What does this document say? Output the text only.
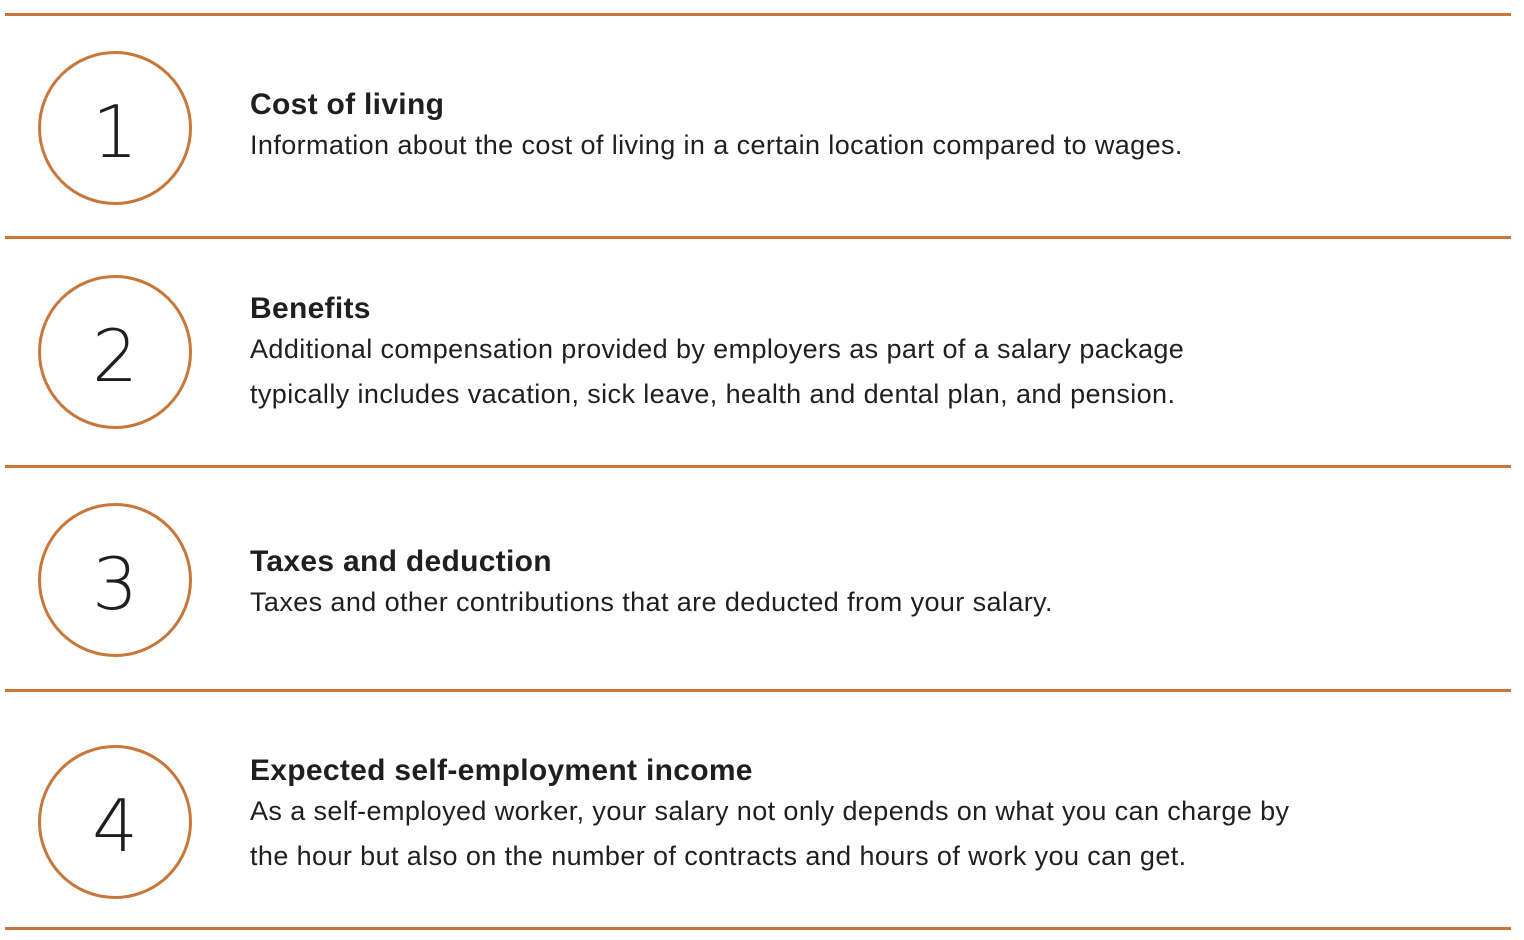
1	Cost of living
Information about the cost of living in a certain location compared to wages.
2
Benefits
Additional compensation provided by employers as part of a salary package
typically includes vacation, sick leave, health and dental plan, and pension.
3	Taxes and deduction
Taxes and other contributions that are deducted from your salary.
4
Expected self-employment income
As a self-employed worker, your salary not only depends on what you can charge by
the hour but also on the number of contracts and hours of work you can get.
